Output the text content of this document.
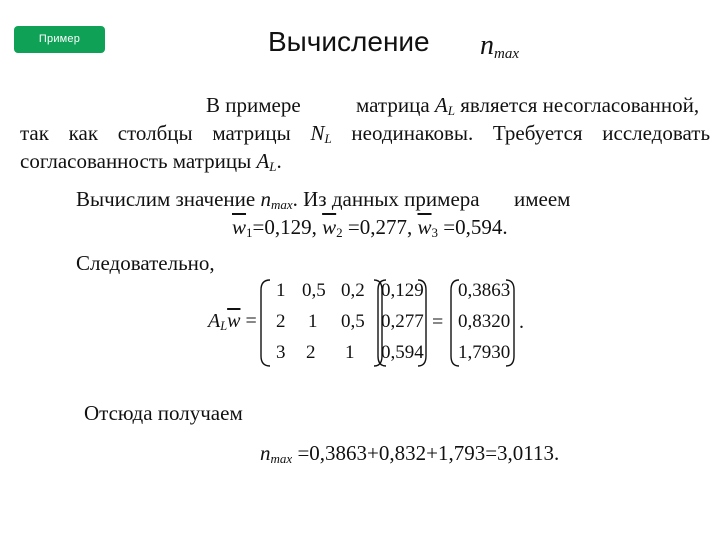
Пример	Вычисление $n_{max}$
В примере	матрица $A_L$ является несогласованной,
так как столбцы матрицы $N_L$ неодинаковы. Требуется исследовать
согласованность матрицы $A_L$.
Вычислим значение $n_{max}$. Из данных примера имеем
$\overline{w}_1=0,129$, $\overline{w}_2 =0,277$, $\overline{w}_3 =0,594$.
Следовательно,
$A_L\overline{w}$ =
1 0,5 0,2
2 1 0,5
3 2 1
0,129
0,277
0,594
=
0,3863
0,8320
1,7930
.
Отсюда получаем
$n_{max} =0,3863+0,832+1,793=3,0113$.
